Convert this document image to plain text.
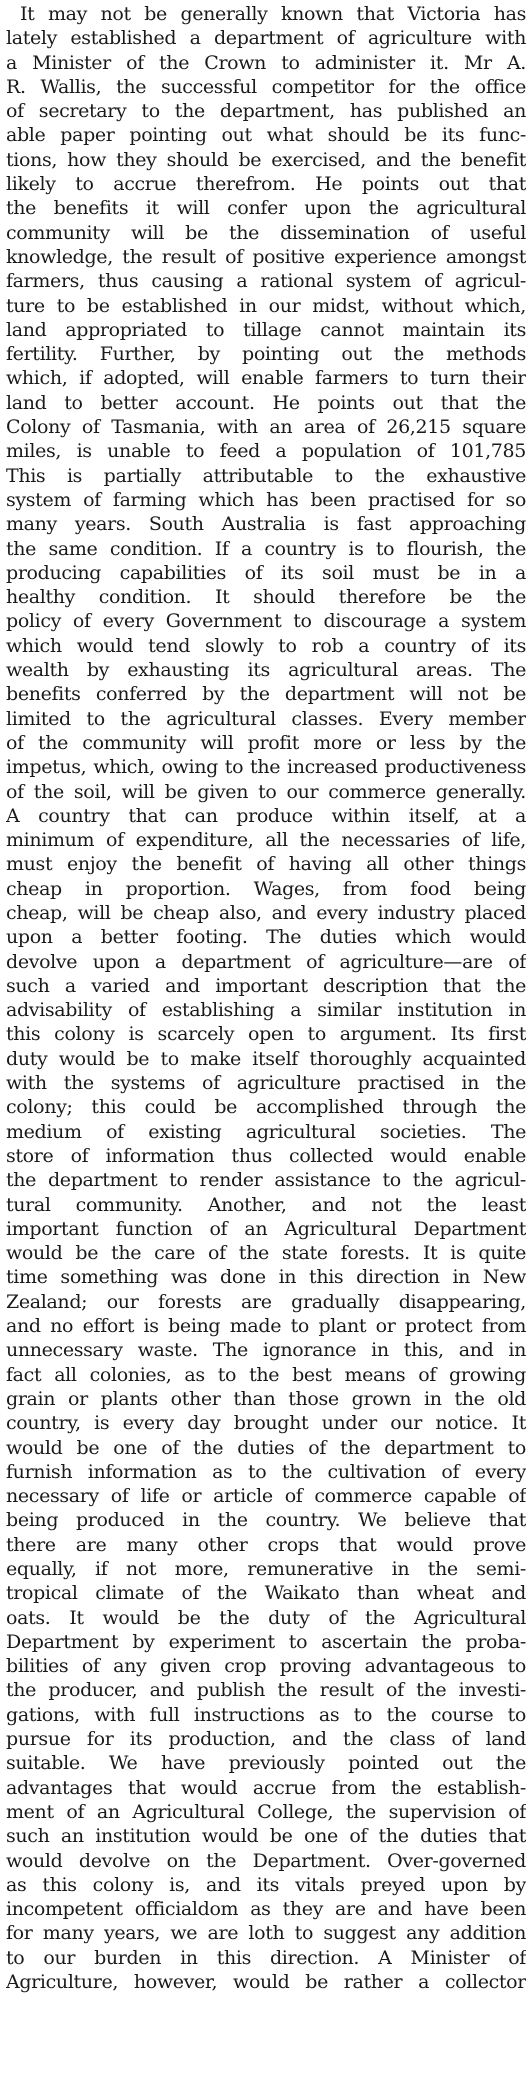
It may not be generally known that Victoria has
lately established a department of agriculture with
a Minister of the Crown to administer it. Mr A.
R. Wallis, the successful competitor for the office
of secretary to the department, has published an
able paper pointing out what should be its func-
tions, how they should be exercised, and the benefit
likely to accrue therefrom. He points out that
the benefits it will confer upon the agricultural
community will be the dissemination of useful
knowledge, the result of positive experience amongst
farmers, thus causing a rational system of agricul-
ture to be established in our midst, without which,
land appropriated to tillage cannot maintain its
fertility. Further, by pointing out the methods
which, if adopted, will enable farmers to turn their
land to better account. He points out that the
Colony of Tasmania, with an area of 26,215 square
miles, is unable to feed a population of 101,785
This is partially attributable to the exhaustive
system of farming which has been practised for so
many years. South Australia is fast approaching
the same condition. If a country is to flourish, the
producing capabilities of its soil must be in a
healthy condition. It should therefore be the
policy of every Government to discourage a system
which would tend slowly to rob a country of its
wealth by exhausting its agricultural areas. The
benefits conferred by the department will not be
limited to the agricultural classes. Every member
of the community will profit more or less by the
impetus, which, owing to the increased productiveness
of the soil, will be given to our commerce generally.
A country that can produce within itself, at a
minimum of expenditure, all the necessaries of life,
must enjoy the benefit of having all other things
cheap in proportion. Wages, from food being
cheap, will be cheap also, and every industry placed
upon a better footing. The duties which would
devolve upon a department of agriculture—are of
such a varied and important description that the
advisability of establishing a similar institution in
this colony is scarcely open to argument. Its first
duty would be to make itself thoroughly acquainted
with the systems of agriculture practised in the
colony; this could be accomplished through the
medium of existing agricultural societies. The
store of information thus collected would enable
the department to render assistance to the agricul-
tural community. Another, and not the least
important function of an Agricultural Department
would be the care of the state forests. It is quite
time something was done in this direction in New
Zealand; our forests are gradually disappearing,
and no effort is being made to plant or protect from
unnecessary waste. The ignorance in this, and in
fact all colonies, as to the best means of growing
grain or plants other than those grown in the old
country, is every day brought under our notice. It
would be one of the duties of the department to
furnish information as to the cultivation of every
necessary of life or article of commerce capable of
being produced in the country. We believe that
there are many other crops that would prove
equally, if not more, remunerative in the semi-
tropical climate of the Waikato than wheat and
oats. It would be the duty of the Agricultural
Department by experiment to ascertain the proba-
bilities of any given crop proving advantageous to
the producer, and publish the result of the investi-
gations, with full instructions as to the course to
pursue for its production, and the class of land
suitable. We have previously pointed out the
advantages that would accrue from the establish-
ment of an Agricultural College, the supervision of
such an institution would be one of the duties that
would devolve on the Department. Over-governed
as this colony is, and its vitals preyed upon by
incompetent officialdom as they are and have been
for many years, we are loth to suggest any addition
to our burden in this direction. A Minister of
Agriculture, however, would be rather a collector
